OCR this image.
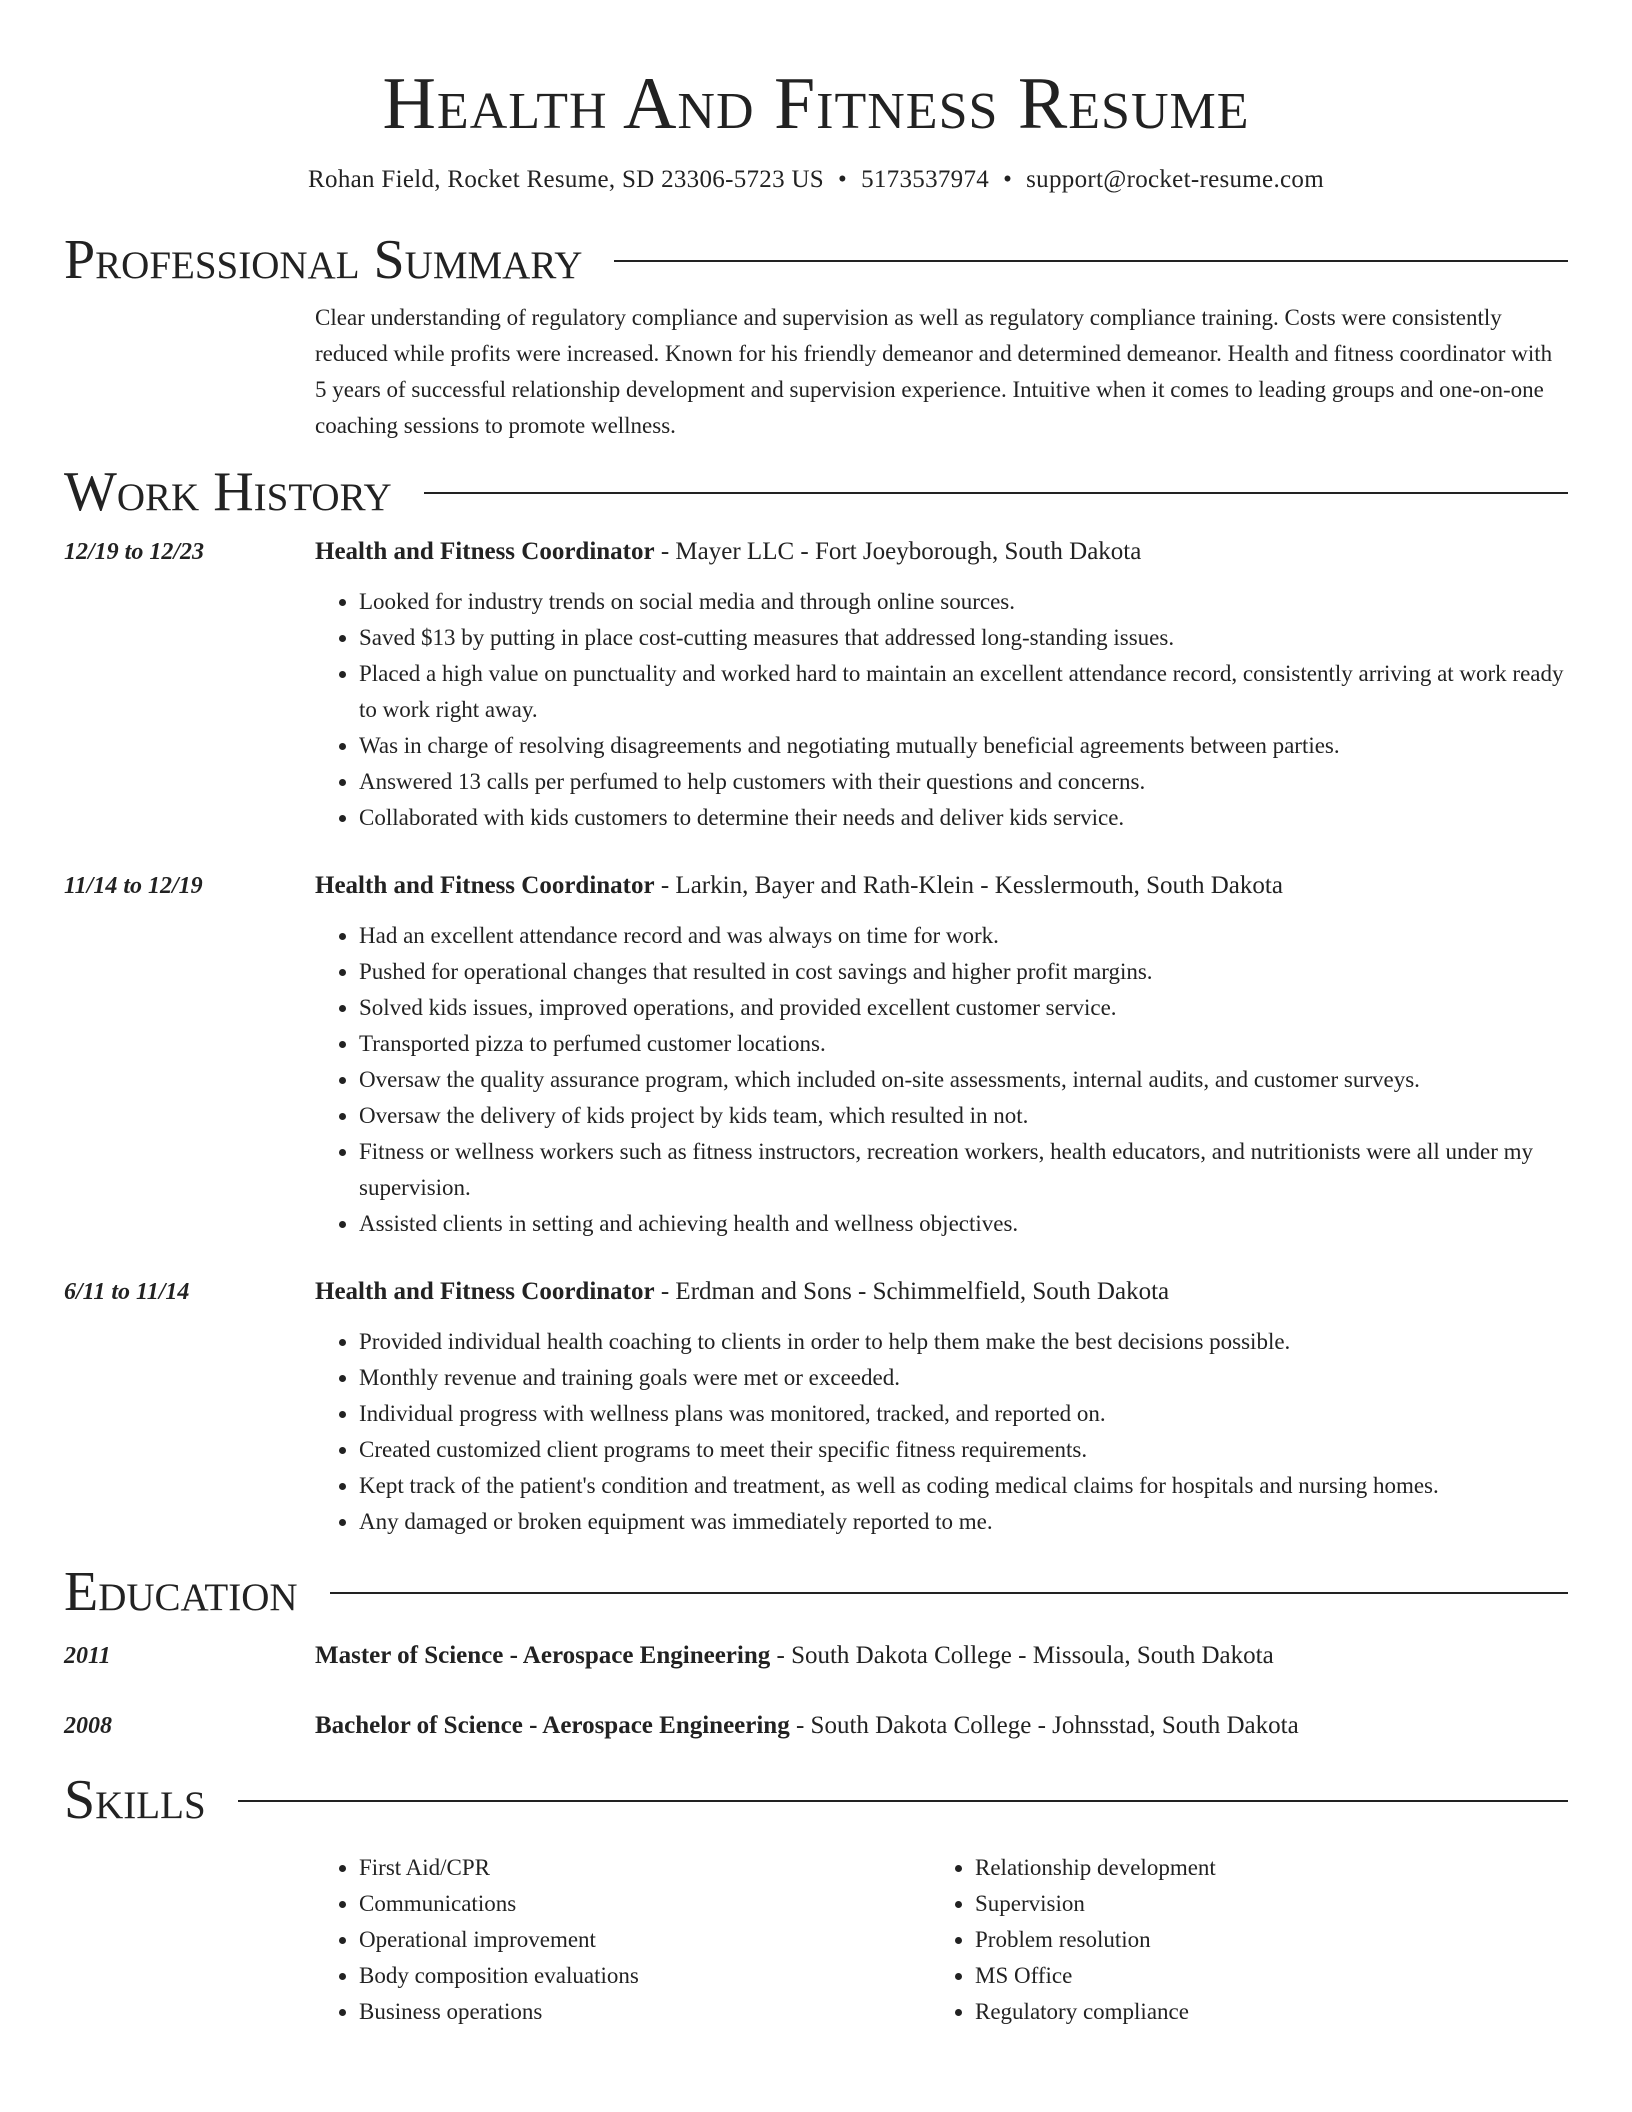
Health And Fitness Resume
Rohan Field, Rocket Resume, SD 23306-5723 US • 5173537974 • support@rocket-resume.com
Professional Summary

Clear understanding of regulatory compliance and supervision as well as regulatory compliance training. Costs were consistently reduced while profits were increased. Known for his friendly demeanor and determined demeanor. Health and fitness coordinator with 5 years of successful relationship development and supervision experience. Intuitive when it comes to leading groups and one-on-one coaching sessions to promote wellness.

Work History
12/19 to 12/23	Health and Fitness Coordinator - Mayer LLC - Fort Joeyborough, South Dakota
• Looked for industry trends on social media and through online sources.
• Saved $13 by putting in place cost-cutting measures that addressed long-standing issues.
• Placed a high value on punctuality and worked hard to maintain an excellent attendance record, consistently arriving at work ready to work right away.
• Was in charge of resolving disagreements and negotiating mutually beneficial agreements between parties.
• Answered 13 calls per perfumed to help customers with their questions and concerns.
• Collaborated with kids customers to determine their needs and deliver kids service.
11/14 to 12/19	Health and Fitness Coordinator - Larkin, Bayer and Rath-Klein - Kesslermouth, South Dakota
• Had an excellent attendance record and was always on time for work.
• Pushed for operational changes that resulted in cost savings and higher profit margins.
• Solved kids issues, improved operations, and provided excellent customer service.
• Transported pizza to perfumed customer locations.
• Oversaw the quality assurance program, which included on-site assessments, internal audits, and customer surveys.
• Oversaw the delivery of kids project by kids team, which resulted in not.
• Fitness or wellness workers such as fitness instructors, recreation workers, health educators, and nutritionists were all under my supervision.
• Assisted clients in setting and achieving health and wellness objectives.
6/11 to 11/14	Health and Fitness Coordinator - Erdman and Sons - Schimmelfield, South Dakota
• Provided individual health coaching to clients in order to help them make the best decisions possible.
• Monthly revenue and training goals were met or exceeded.
• Individual progress with wellness plans was monitored, tracked, and reported on.
• Created customized client programs to meet their specific fitness requirements.
• Kept track of the patient's condition and treatment, as well as coding medical claims for hospitals and nursing homes.
• Any damaged or broken equipment was immediately reported to me.
Education
2011	Master of Science - Aerospace Engineering - South Dakota College - Missoula, South Dakota
2008	Bachelor of Science - Aerospace Engineering - South Dakota College - Johnsstad, South Dakota
Skills
• First Aid/CPR
• Communications
• Operational improvement
• Body composition evaluations
• Business operations
• Relationship development
• Supervision
• Problem resolution
• MS Office
• Regulatory compliance
